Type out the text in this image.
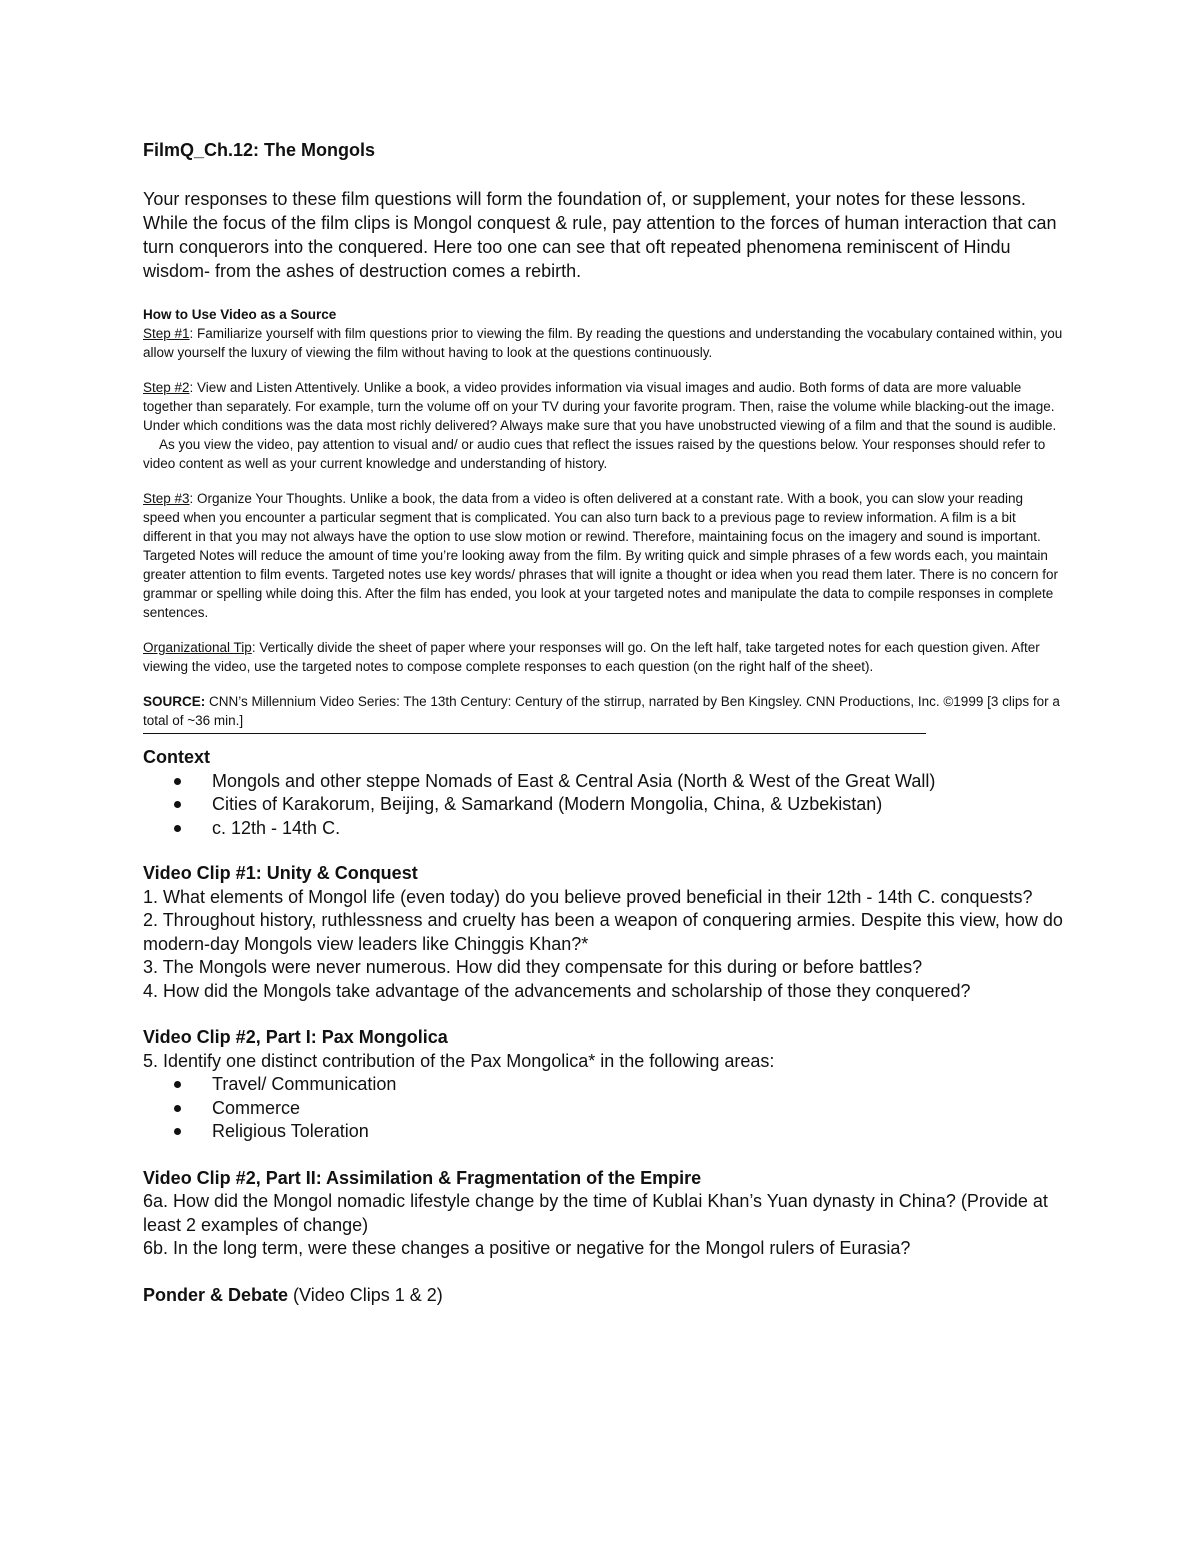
FilmQ_Ch.12: The Mongols

Your responses to these film questions will form the foundation of, or supplement, your notes for these lessons. While the focus of the film clips is Mongol conquest & rule, pay attention to the forces of human interaction that can turn conquerors into the conquered. Here too one can see that oft repeated phenomena reminiscent of Hindu wisdom- from the ashes of destruction comes a rebirth.

How to Use Video as a Source

Step #1: Familiarize yourself with film questions prior to viewing the film. By reading the questions and understanding the vocabulary contained within, you allow yourself the luxury of viewing the film without having to look at the questions continuously.

Step #2: View and Listen Attentively. Unlike a book, a video provides information via visual images and audio. Both forms of data are more valuable together than separately. For example, turn the volume off on your TV during your favorite program. Then, raise the volume while blacking-out the image. Under which conditions was the data most richly delivered? Always make sure that you have unobstructed viewing of a film and that the sound is audible.

As you view the video, pay attention to visual and/ or audio cues that reflect the issues raised by the questions below. Your responses should refer to video content as well as your current knowledge and understanding of history.

Step #3: Organize Your Thoughts. Unlike a book, the data from a video is often delivered at a constant rate. With a book, you can slow your reading speed when you encounter a particular segment that is complicated. You can also turn back to a previous page to review information. A film is a bit different in that you may not always have the option to use slow motion or rewind. Therefore, maintaining focus on the imagery and sound is important. Targeted Notes will reduce the amount of time you’re looking away from the film. By writing quick and simple phrases of a few words each, you maintain greater attention to film events. Targeted notes use key words/ phrases that will ignite a thought or idea when you read them later. There is no concern for grammar or spelling while doing this. After the film has ended, you look at your targeted notes and manipulate the data to compile responses in complete sentences.

Organizational Tip: Vertically divide the sheet of paper where your responses will go. On the left half, take targeted notes for each question given. After viewing the video, use the targeted notes to compose complete responses to each question (on the right half of the sheet).

SOURCE: CNN’s Millennium Video Series: The 13th Century: Century of the stirrup, narrated by Ben Kingsley. CNN Productions, Inc. ©1999 [3 clips for a total of ~36 min.]

Context
Mongols and other steppe Nomads of East & Central Asia (North & West of the Great Wall)
Cities of Karakorum, Beijing, & Samarkand (Modern Mongolia, China, & Uzbekistan)
c. 12th - 14th C.
Video Clip #1: Unity & Conquest

1. What elements of Mongol life (even today) do you believe proved beneficial in their 12th - 14th C. conquests?

2. Throughout history, ruthlessness and cruelty has been a weapon of conquering armies. Despite this view, how do modern-day Mongols view leaders like Chinggis Khan?*

3. The Mongols were never numerous. How did they compensate for this during or before battles?

4. How did the Mongols take advantage of the advancements and scholarship of those they conquered?

Video Clip #2, Part I: Pax Mongolica

5. Identify one distinct contribution of the Pax Mongolica* in the following areas:

Travel/ Communication
Commerce
Religious Toleration
Video Clip #2, Part II: Assimilation & Fragmentation of the Empire

6a. How did the Mongol nomadic lifestyle change by the time of Kublai Khan’s Yuan dynasty in China? (Provide at least 2 examples of change)

6b. In the long term, were these changes a positive or negative for the Mongol rulers of Eurasia?

Ponder & Debate (Video Clips 1 & 2)
